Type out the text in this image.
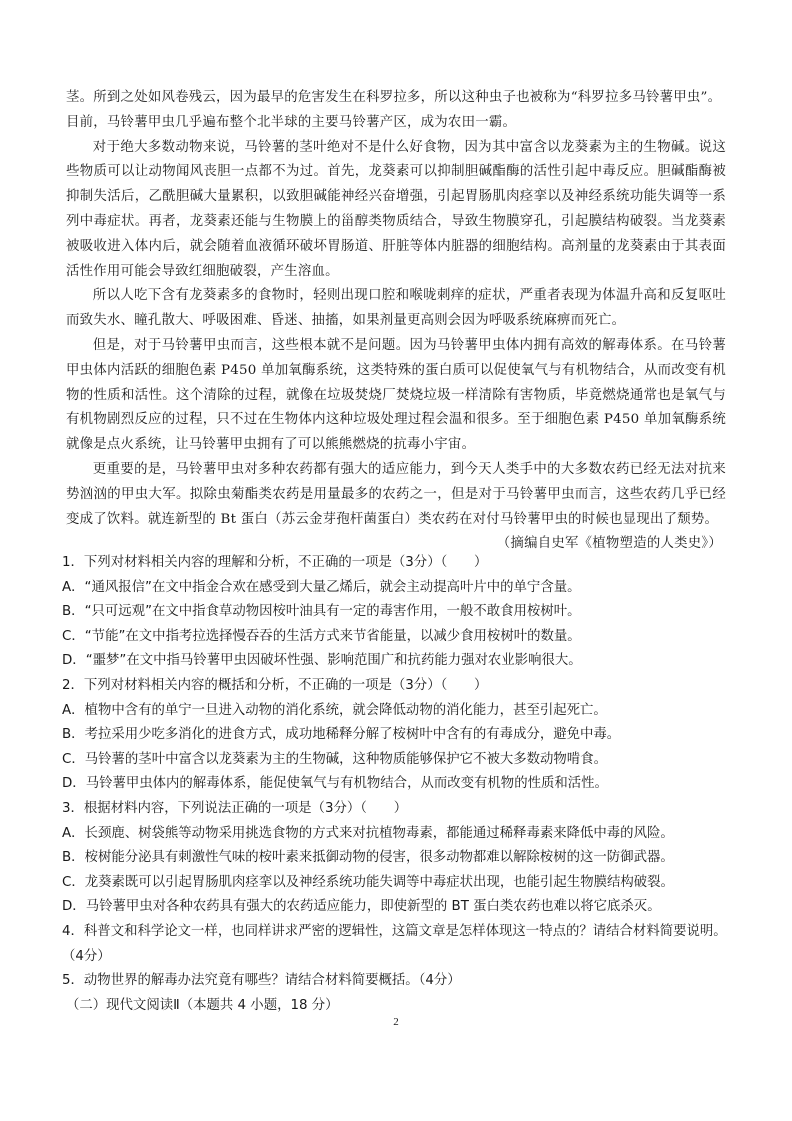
茎。所到之处如风卷残云，因为最早的危害发生在科罗拉多，所以这种虫子也被称为“科罗拉多马铃薯甲虫”。

目前，马铃薯甲虫几乎遍布整个北半球的主要马铃薯产区，成为农田一霸。

对于绝大多数动物来说，马铃薯的茎叶绝对不是什么好食物，因为其中富含以龙葵素为主的生物碱。说这些物质可以让动物闻风丧胆一点都不为过。首先，龙葵素可以抑制胆碱酯酶的活性引起中毒反应。胆碱酯酶被抑制失活后，乙酰胆碱大量累积，以致胆碱能神经兴奋增强，引起胃肠肌肉痉挛以及神经系统功能失调等一系列中毒症状。再者，龙葵素还能与生物膜上的甾醇类物质结合，导致生物膜穿孔，引起膜结构破裂。当龙葵素被吸收进入体内后，就会随着血液循环破坏胃肠道、肝脏等体内脏器的细胞结构。高剂量的龙葵素由于其表面活性作用可能会导致红细胞破裂，产生溶血。

所以人吃下含有龙葵素多的食物时，轻则出现口腔和喉咙刺痒的症状，严重者表现为体温升高和反复呕吐而致失水、瞳孔散大、呼吸困难、昏迷、抽搐，如果剂量更高则会因为呼吸系统麻痹而死亡。

但是，对于马铃薯甲虫而言，这些根本就不是问题。因为马铃薯甲虫体内拥有高效的解毒体系。在马铃薯甲虫体内活跃的细胞色素 P450 单加氧酶系统，这类特殊的蛋白质可以促使氧气与有机物结合，从而改变有机物的性质和活性。这个清除的过程，就像在垃圾焚烧厂焚烧垃圾一样清除有害物质，毕竟燃烧通常也是氧气与有机物剧烈反应的过程，只不过在生物体内这种垃圾处理过程会温和很多。至于细胞色素 P450 单加氧酶系统就像是点火系统，让马铃薯甲虫拥有了可以熊熊燃烧的抗毒小宇宙。

更重要的是，马铃薯甲虫对多种农药都有强大的适应能力，到今天人类手中的大多数农药已经无法对抗来势汹汹的甲虫大军。拟除虫菊酯类农药是用量最多的农药之一，但是对于马铃薯甲虫而言，这些农药几乎已经变成了饮料。就连新型的 Bt 蛋白（苏云金芽孢杆菌蛋白）类农药在对付马铃薯甲虫的时候也显现出了颓势。

（摘编自史军《植物塑造的人类史》）

1．下列对材料相关内容的理解和分析，不正确的一项是（3分）（　　）

A．“通风报信”在文中指金合欢在感受到大量乙烯后，就会主动提高叶片中的单宁含量。

B．“只可远观”在文中指食草动物因桉叶油具有一定的毒害作用，一般不敢食用桉树叶。

C．“节能”在文中指考拉选择慢吞吞的生活方式来节省能量，以减少食用桉树叶的数量。

D．“噩梦”在文中指马铃薯甲虫因破坏性强、影响范围广和抗药能力强对农业影响很大。

2．下列对材料相关内容的概括和分析，不正确的一项是（3分）（　　）

A．植物中含有的单宁一旦进入动物的消化系统，就会降低动物的消化能力，甚至引起死亡。

B．考拉采用少吃多消化的进食方式，成功地稀释分解了桉树叶中含有的有毒成分，避免中毒。

C．马铃薯的茎叶中富含以龙葵素为主的生物碱，这种物质能够保护它不被大多数动物啃食。

D．马铃薯甲虫体内的解毒体系，能促使氧气与有机物结合，从而改变有机物的性质和活性。

3．根据材料内容，下列说法正确的一项是（3分）（　　）

A．长颈鹿、树袋熊等动物采用挑选食物的方式来对抗植物毒素，都能通过稀释毒素来降低中毒的风险。

B．桉树能分泌具有刺激性气味的桉叶素来抵御动物的侵害，很多动物都难以解除桉树的这一防御武器。

C．龙葵素既可以引起胃肠肌肉痉挛以及神经系统功能失调等中毒症状出现，也能引起生物膜结构破裂。

D．马铃薯甲虫对各种农药具有强大的农药适应能力，即使新型的 BT 蛋白类农药也难以将它底杀灭。

4．科普文和科学论文一样，也同样讲求严密的逻辑性，这篇文章是怎样体现这一特点的？请结合材料简要说明。（4分）

5．动物世界的解毒办法究竟有哪些？请结合材料简要概括。（4分）

（二）现代文阅读Ⅱ（本题共 4 小题，18 分）

2
